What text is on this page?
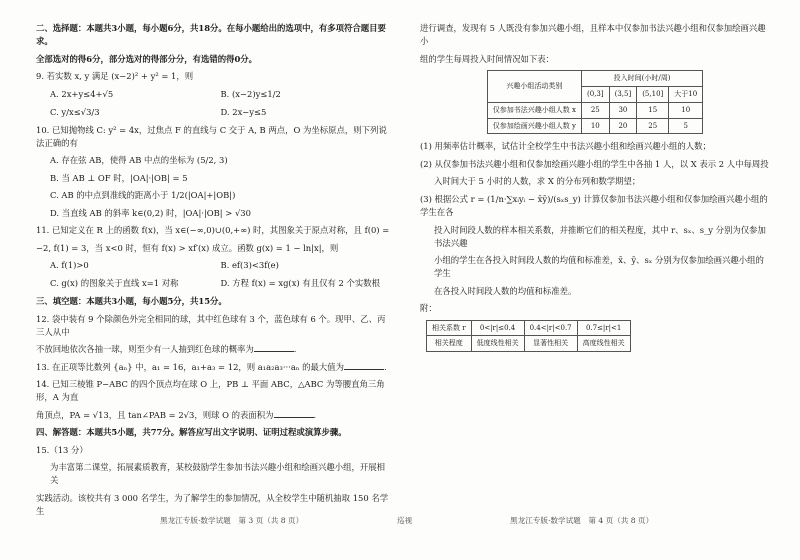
二、选择题：本题共3小题，每小题6分，共18分。在每小题给出的选项中，有多项符合题目要求。

全部选对的得6分，部分选对的得部分分，有选错的得0分。

9. 若实数 x, y 满足 (x−2)² + y² = 1，则

A. 2x+y≤4+√5	B. (x−2)y≤1/2
C. y/x≤√3/3	D. 2x−y≤5

10. 已知抛物线 C: y² = 4x，过焦点 F 的直线与 C 交于 A, B 两点，O 为坐标原点，则下列说法正确的有

A. 存在弦 AB，使得 AB 中点的坐标为 (5/2, 3)

B. 当 AB ⊥ OF 时，|OA|·|OB| = 5

C. AB 的中点到准线的距离小于 1/2(|OA|+|OB|)

D. 当直线 AB 的斜率 k∈(0,2) 时，|OA|·|OB| > √30

11. 已知定义在 R 上的函数 f(x)，当 x∈(−∞,0)∪(0,+∞) 时，其图象关于原点对称，且 f(0) =

−2, f(1) = 3，当 x<0 时，恒有 f(x) > xf′(x) 成立。函数 g(x) = 1 − ln|x|，则

A. f(1)>0	B. ef(3)<3f(e)
C. g(x) 的图象关于直线 x=1 对称	D. 方程 f(x) = xg(x) 有且仅有 2 个实数根

三、填空题：本题共3小题，每小题5分，共15分。

12. 袋中装有 9 个除颜色外完全相同的球，其中红色球有 3 个，蓝色球有 6 个。现甲、乙、丙三人从中

不放回地依次各抽一球，则至少有一人抽到红色球的概率为	.

13. 在正项等比数列 {aₙ} 中，a₁ = 16，a₁+a₃ = 12，则 a₁a₂a₃···aₙ 的最大值为	.

14. 已知三棱锥 P−ABC 的四个顶点均在球 O 上，PB ⊥ 平面 ABC，△ABC 为等腰直角三角形，A 为直

角顶点，PA = √13，且 tan∠PAB = 2√3，则球 O 的表面积为	.

四、解答题：本题共5小题，共77分。解答应写出文字说明、证明过程或演算步骤。

15.（13 分）

为丰富第二课堂，拓展素质教育，某校鼓励学生参加书法兴趣小组和绘画兴趣小组，开展相关

实践活动。该校共有 3 000 名学生，为了解学生的参加情况，从全校学生中随机抽取 150 名学生

进行调查，发现有 5 人既没有参加兴趣小组，且样本中仅参加书法兴趣小组和仅参加绘画兴趣小

组的学生每周投入时间情况如下表：

兴趣小组活动类别	投入时间(小时/周)			
	(0,3]	(3,5]	(5,10]	大于10
仅参加书法兴趣小组人数 x	25	30	15	10
仅参加绘画兴趣小组人数 y	10	20	25	5

(1) 用频率估计概率，试估计全校学生中书法兴趣小组和绘画兴趣小组的人数；

(2) 从仅参加书法兴趣小组和仅参加绘画兴趣小组的学生中各抽 1 人，以 X 表示 2 人中每周投

入时间大于 5 小时的人数，求 X 的分布列和数学期望；

(3) 根据公式 r = (1/n·∑xᵢyᵢ − x̄ȳ)/(sₓs_y) 计算仅参加书法兴趣小组和仅参加绘画兴趣小组的学生在各

投入时间段人数的样本相关系数，并推断它们的相关程度，其中 r、sₓ、s_y 分别为仅参加书法兴趣

小组的学生在各投入时间段人数的均值和标准差，x̄、ȳ、sₓ 分别为仅参加绘画兴趣小组的学生

在各投入时间段人数的均值和标准差。

附：

相关系数 r	0<|r|≤0.4	0.4<|r|<0.7	0.7≤|r|<1
相关程度	低度线性相关	显著性相关	高度线性相关
黑龙江专版·数学试题　第 3 页（共 8 页）	巡视	黑龙江专版·数学试题　第 4 页（共 8 页）
